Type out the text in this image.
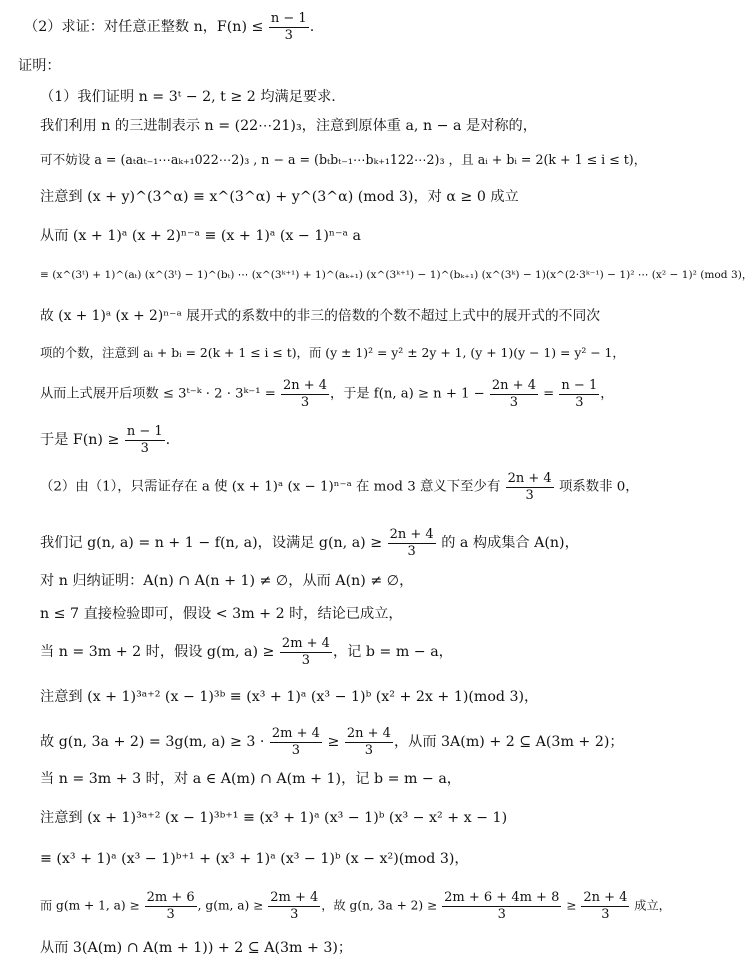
（2）求证：对任意正整数 n，$F(n) \le \frac{n - 1}{3}$ .
证明：
（1）我们证明 n = 3ᵗ − 2, t ≥ 2 均满足要求.
我们利用 n 的三进制表示 n = (22⋯21)₃，注意到原体重 a, n − a 是对称的，
可不妨设 a = (aₜaₜ₋₁⋯aₖ₊₁022⋯2)₃ , n − a = (bₜbₜ₋₁⋯bₖ₊₁122⋯2)₃ ，且 aᵢ + bᵢ = 2(k + 1 ≤ i ≤ t)，
注意到 (x + y)^(3^α) ≡ x^(3^α) + y^(3^α) (mod 3)，对 α ≥ 0 成立
从而 (x + 1)ᵃ (x + 2)ⁿ⁻ᵃ ≡ (x + 1)ᵃ (x − 1)ⁿ⁻ᵃ a
≡ (x^(3ᵗ) + 1)^(aₜ) (x^(3ᵗ) − 1)^(bₜ) ⋯ (x^(3ᵏ⁺¹) + 1)^(aₖ₊₁) (x^(3ᵏ⁺¹) − 1)^(bₖ₊₁) (x^(3ᵏ) − 1)(x^(2·3ᵏ⁻¹) − 1)² ⋯ (x² − 1)² (mod 3)，
故 (x + 1)ᵃ (x + 2)ⁿ⁻ᵃ 展开式的系数中的非三的倍数的个数不超过上式中的展开式的不同次
项的个数，注意到 aᵢ + bᵢ = 2(k + 1 ≤ i ≤ t)，而 (y ± 1)² = y² ± 2y + 1, (y + 1)(y − 1) = y² − 1，
从而上式展开后项数 ≤ 3ᵗ⁻ᵏ · 2 · 3ᵏ⁻¹ = $\frac{2n + 4}{3}$ ，于是 f(n, $a) \ge n + 1 - \frac{2n + 4}{3} = \frac{n - 1}{3}$ ，
于是 $F(n) \ge \frac{n - 1}{3}$ .
（2）由（1），只需证存在 a 使 (x + 1)ᵃ (x − 1)ⁿ⁻ᵃ 在 mod 3 意义下至少有 $\frac{2n + 4}{3}$ 项系数非 0，
我们记 g(n, a) = n + 1 − f(n, a)，设满足 g(n, $a) \ge \frac{2n + 4}{3}$ 的 a 构成集合 A(n)，
对 n 归纳证明：A(n) ∩ A(n + 1) ≠ ∅，从而 A(n) ≠ ∅，
n ≤ 7 直接检验即可，假设 < 3m + 2 时，结论已成立，
当 n = 3m + 2 时，假设 g(m, $a) \ge \frac{2m + 4}{3}$ ，记 b = m − a，
注意到 (x + 1)³ᵃ⁺² (x − 1)³ᵇ ≡ (x³ + 1)ᵃ (x³ − 1)ᵇ (x² + 2x + 1)(mod 3)，
故 g(n, 3a + 2) = 3g(m, $a) \ge 3 \cdot \frac{2m + 4}{3} \ge \frac{2n + 4}{3}$ ，从而 3A(m) + 2 ⊆ A(3m + 2)；
当 n = 3m + 3 时，对 a ∈ A(m) ∩ A(m + 1)，记 b = m − a，
注意到 (x + 1)³ᵃ⁺² (x − 1)³ᵇ⁺¹ ≡ (x³ + 1)ᵃ (x³ − 1)ᵇ (x³ − x² + x − 1)
≡ (x³ + 1)ᵃ (x³ − 1)ᵇ⁺¹ + (x³ + 1)ᵃ (x³ − 1)ᵇ (x − x²)(mod 3)，
而 g(m + 1, $a) \ge \frac{2m + 6}{3}$ , g(m, $a) \ge \frac{2m + 4}{3}$ ，故 g(n, $3a + 2) \ge \frac{2m + 6 + 4m + 8}{3} \ge \frac{2n + 4}{3}$ 成立，
从而 3(A(m) ∩ A(m + 1)) + 2 ⊆ A(3m + 3)；
